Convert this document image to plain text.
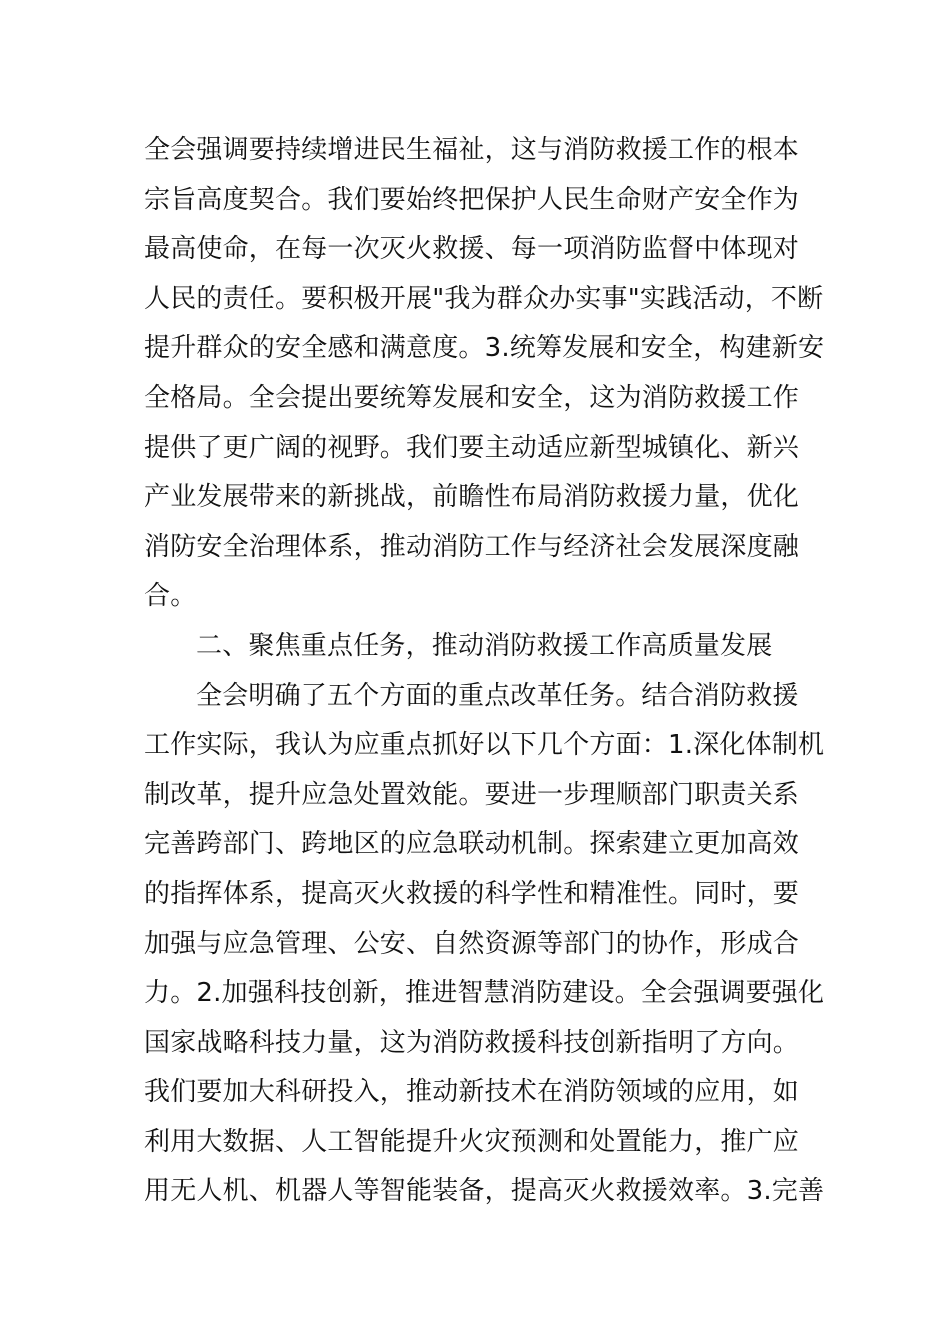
全会强调要持续增进民生福祉，这与消防救援工作的根本
宗旨高度契合。我们要始终把保护人民生命财产安全作为
最高使命，在每一次灭火救援、每一项消防监督中体现对
人民的责任。要积极开展"我为群众办实事"实践活动，不断
提升群众的安全感和满意度。3.统筹发展和安全，构建新安
全格局。全会提出要统筹发展和安全，这为消防救援工作
提供了更广阔的视野。我们要主动适应新型城镇化、新兴
产业发展带来的新挑战，前瞻性布局消防救援力量，优化
消防安全治理体系，推动消防工作与经济社会发展深度融
合。
二、聚焦重点任务，推动消防救援工作高质量发展
全会明确了五个方面的重点改革任务。结合消防救援
工作实际，我认为应重点抓好以下几个方面：1.深化体制机
制改革，提升应急处置效能。要进一步理顺部门职责关系
完善跨部门、跨地区的应急联动机制。探索建立更加高效
的指挥体系，提高灭火救援的科学性和精准性。同时，要
加强与应急管理、公安、自然资源等部门的协作，形成合
力。2.加强科技创新，推进智慧消防建设。全会强调要强化
国家战略科技力量，这为消防救援科技创新指明了方向。
我们要加大科研投入，推动新技术在消防领域的应用，如
利用大数据、人工智能提升火灾预测和处置能力，推广应
用无人机、机器人等智能装备，提高灭火救援效率。3.完善
